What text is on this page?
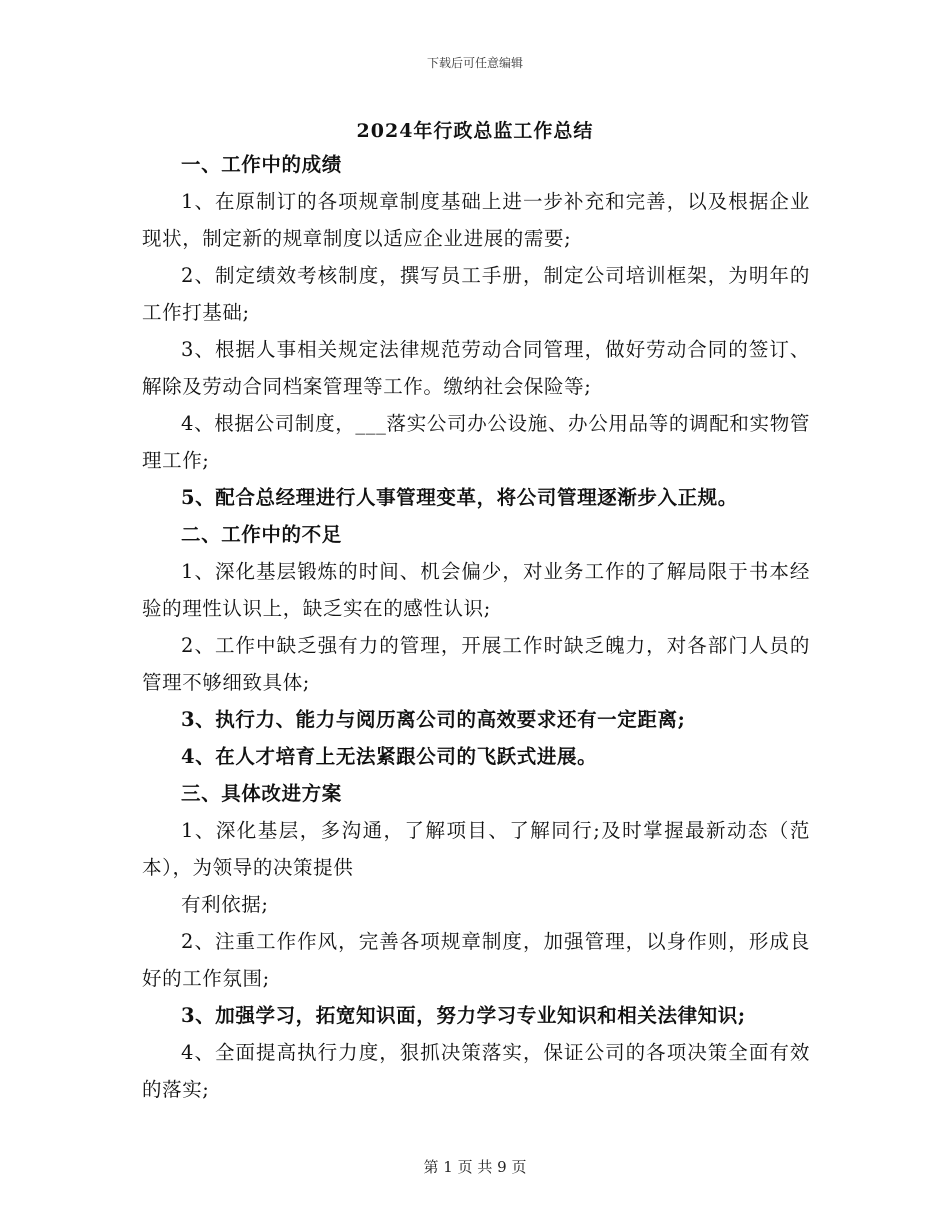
下载后可任意编辑
2024年行政总监工作总结

一、工作中的成绩

1、在原制订的各项规章制度基础上进一步补充和完善，以及根据企业现状，制定新的规章制度以适应企业进展的需要;

2、制定绩效考核制度，撰写员工手册，制定公司培训框架，为明年的工作打基础;

3、根据人事相关规定法律规范劳动合同管理，做好劳动合同的签订、解除及劳动合同档案管理等工作。缴纳社会保险等;

4、根据公司制度，___落实公司办公设施、办公用品等的调配和实物管理工作;

5、配合总经理进行人事管理变革，将公司管理逐渐步入正规。

二、工作中的不足

1、深化基层锻炼的时间、机会偏少，对业务工作的了解局限于书本经验的理性认识上，缺乏实在的感性认识;

2、工作中缺乏强有力的管理，开展工作时缺乏魄力，对各部门人员的管理不够细致具体;

3、执行力、能力与阅历离公司的高效要求还有一定距离;

4、在人才培育上无法紧跟公司的飞跃式进展。

三、具体改进方案

1、深化基层，多沟通，了解项目、了解同行;及时掌握最新动态（范本），为领导的决策提供

有利依据;

2、注重工作作风，完善各项规章制度，加强管理，以身作则，形成良好的工作氛围;

3、加强学习，拓宽知识面，努力学习专业知识和相关法律知识;

4、全面提高执行力度，狠抓决策落实，保证公司的各项决策全面有效的落实;

第 1 页 共 9 页
